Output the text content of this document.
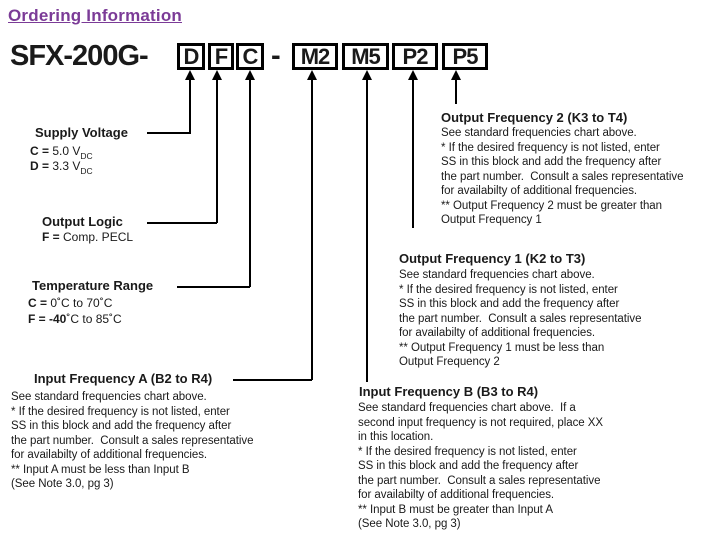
Ordering Information
SFX-200G- D F C - M2 M5	P2	P5
Supply Voltage
C = 5.0 $V_{DC}$
D = 3.3 $V_{DC}$
Output Logic
F = Comp. PECL
Temperature Range
C = 0˚C to 70˚C
F = -40˚C to 85˚C
Input Frequency A (B2 to R4)
See standard frequencies chart above.
* If the desired frequency is not listed, enter
SS in this block and add the frequency after
the part number.  Consult a sales representative
for availabilty of additional frequencies.
** Input A must be less than Input B
(See Note 3.0, pg 3)
Input Frequency B (B3 to R4)
See standard frequencies chart above.  If a
second input frequency is not required, place XX
in this location.
* If the desired frequency is not listed, enter
SS in this block and add the frequency after
the part number.  Consult a sales representative
for availabilty of additional frequencies.
** Input B must be greater than Input A
(See Note 3.0, pg 3)
Output Frequency 1 (K2 to T3)
See standard frequencies chart above.
* If the desired frequency is not listed, enter
SS in this block and add the frequency after
the part number.  Consult a sales representative
for availabilty of additional frequencies.
** Output Frequency 1 must be less than
Output Frequency 2
Output Frequency 2 (K3 to T4)
See standard frequencies chart above.
* If the desired frequency is not listed, enter
SS in this block and add the frequency after
the part number.  Consult a sales representative
for availabilty of additional frequencies.
** Output Frequency 2 must be greater than
Output Frequency 1
